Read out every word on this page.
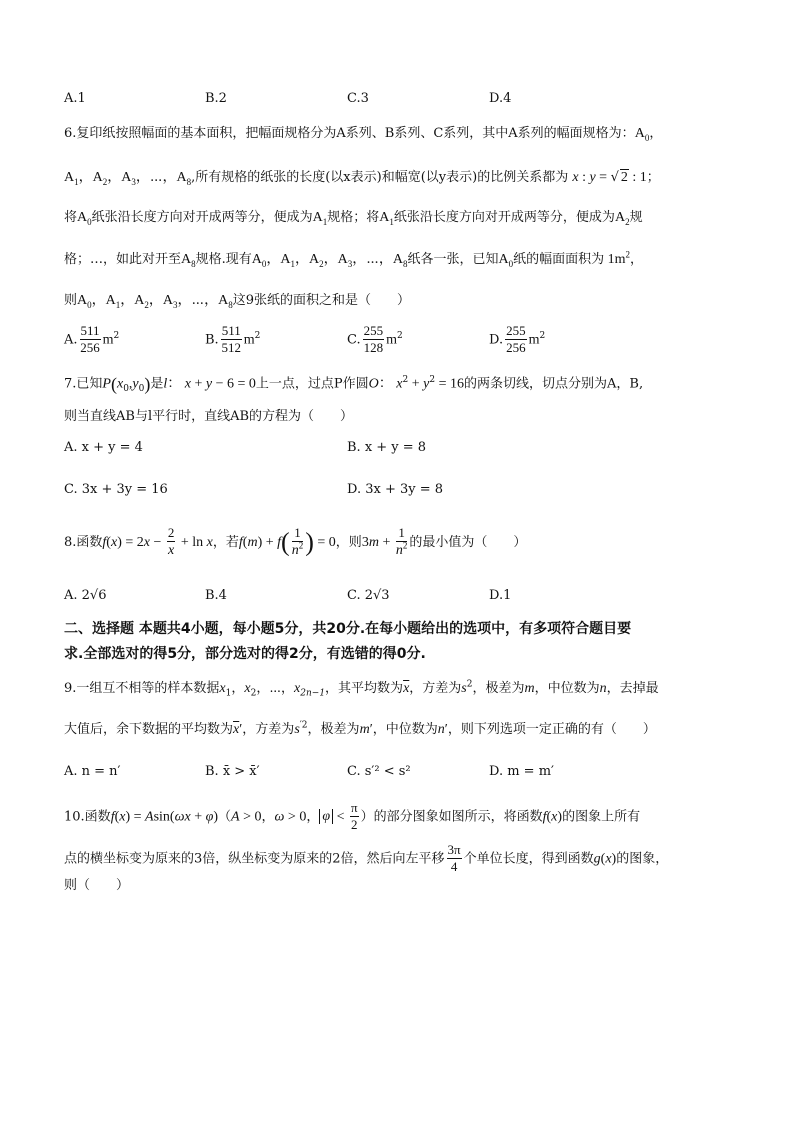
A.1	B.2	C.3	D.4
6.复印纸按照幅面的基本面积，把幅面规格分为A系列、B系列、C系列，其中A系列的幅面规格为：$A_0$，
$A_1$，$A_2$，$A_3$，⋯，$A_8$,所有规格的纸张的长度(以x表示)和幅宽(以y表示)的比例关系都为 x : y = √ 2 : 1；
将$A_0$纸张沿长度方向对开成两等分，便成为$A_1$规格；将$A_1$纸张沿长度方向对开成两等分，便成为$A_2$规
格；…，如此对开至$A_8$规格.现有$A_0$，$A_1$，$A_2$，$A_3$，⋯，$A_8$纸各一张，已知$A_0$纸的幅面面积为 $1m^2$，
则$A_0$，$A_1$，$A_2$，$A_3$，⋯，$A_8$这9张纸的面积之和是（　　）
A. $\frac{511}{256} m^2$	B. $\frac{511}{512} m^2$	C. $\frac{255}{128} m^2$	D. $\frac{255}{256} m^2$
7.已知$P(x_0,y_0)$是l： x + y − 6 = 0上一点，过点P作圆O： $x^2 + y^2 = 16$的两条切线，切点分别为A，B,
则当直线AB与l平行时，直线AB的方程为（　　）
A. x + y = 4	B. x + y = 8
C. 3x + 3y = 16	D. 3x + 3y = 8
8.函数$f(x) = 2x - \frac{2}{x} + \ln x$，若$f(m) + f( \frac{1}{n^2}$ ) = 0，则$3m + \frac{1}{n^2}$ 的最小值为（　　）
A. 2√6	B.4	C. 2√3	D.1
二、选择题 本题共4小题，每小题5分，共20分.在每小题给出的选项中，有多项符合题目要
求.全部选对的得5分，部分选对的得2分，有选错的得0分.
9.一组互不相等的样本数据$x_1$，$x_2$，⋯，$x_{2n-1}$，其平均数为$\overline{x}$，方差为$s^2$，极差为m，中位数为n，去掉最
大值后，余下数据的平均数为$\overline{x}'$，方差为$s^{'2}$，极差为m′，中位数为n′，则下列选项一定正确的有（　　）
A. n = n′	B. x̄ > x̄′	C. s′² < s²	D. m = m′
10.函数f(x) = Asin(ωx + φ)（A > 0，ω > 0， $\varphi < \frac{\pi}{2}$ ）的部分图象如图所示，将函数f(x)的图象上所有
点的横坐标变为原来的3倍，纵坐标变为原来的2倍，然后向左平移 $\frac{3\pi}{4}$ 个单位长度，得到函数g(x)的图象，
则（　　）
